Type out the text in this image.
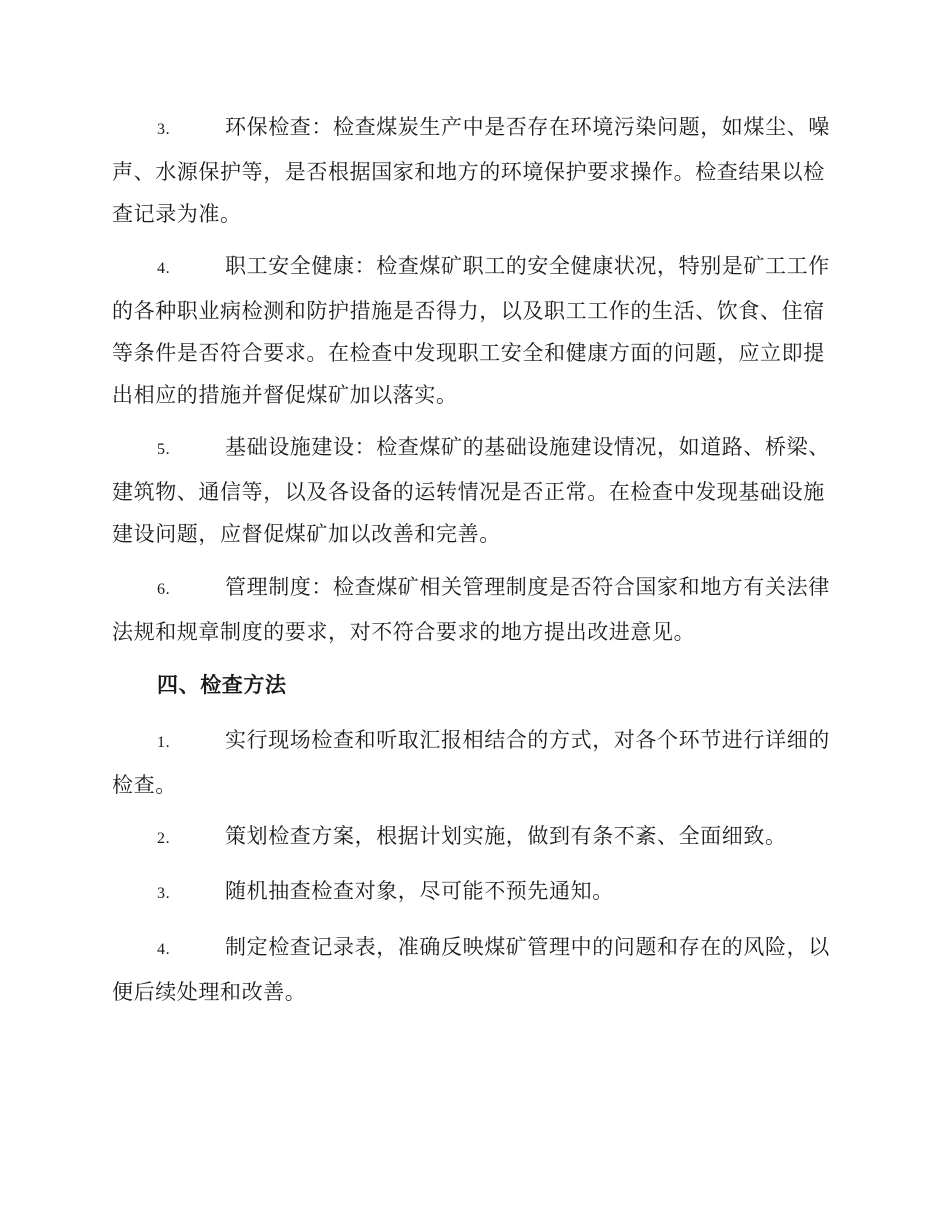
3.	环保检查：检查煤炭生产中是否存在环境污染问题，如煤尘、噪声、水源保护等，是否根据国家和地方的环境保护要求操作。检查结果以检查记录为准。

4.	职工安全健康：检查煤矿职工的安全健康状况，特别是矿工工作的各种职业病检测和防护措施是否得力，以及职工工作的生活、饮食、住宿等条件是否符合要求。在检查中发现职工安全和健康方面的问题，应立即提出相应的措施并督促煤矿加以落实。

5.	基础设施建设：检查煤矿的基础设施建设情况，如道路、桥梁、建筑物、通信等，以及各设备的运转情况是否正常。在检查中发现基础设施建设问题，应督促煤矿加以改善和完善。

6.	管理制度：检查煤矿相关管理制度是否符合国家和地方有关法律法规和规章制度的要求，对不符合要求的地方提出改进意见。

四、检查方法

1.	实行现场检查和听取汇报相结合的方式，对各个环节进行详细的检查。

2.	策划检查方案，根据计划实施，做到有条不紊、全面细致。

3.	随机抽查检查对象，尽可能不预先通知。

4.	制定检查记录表，准确反映煤矿管理中的问题和存在的风险，以便后续处理和改善。
